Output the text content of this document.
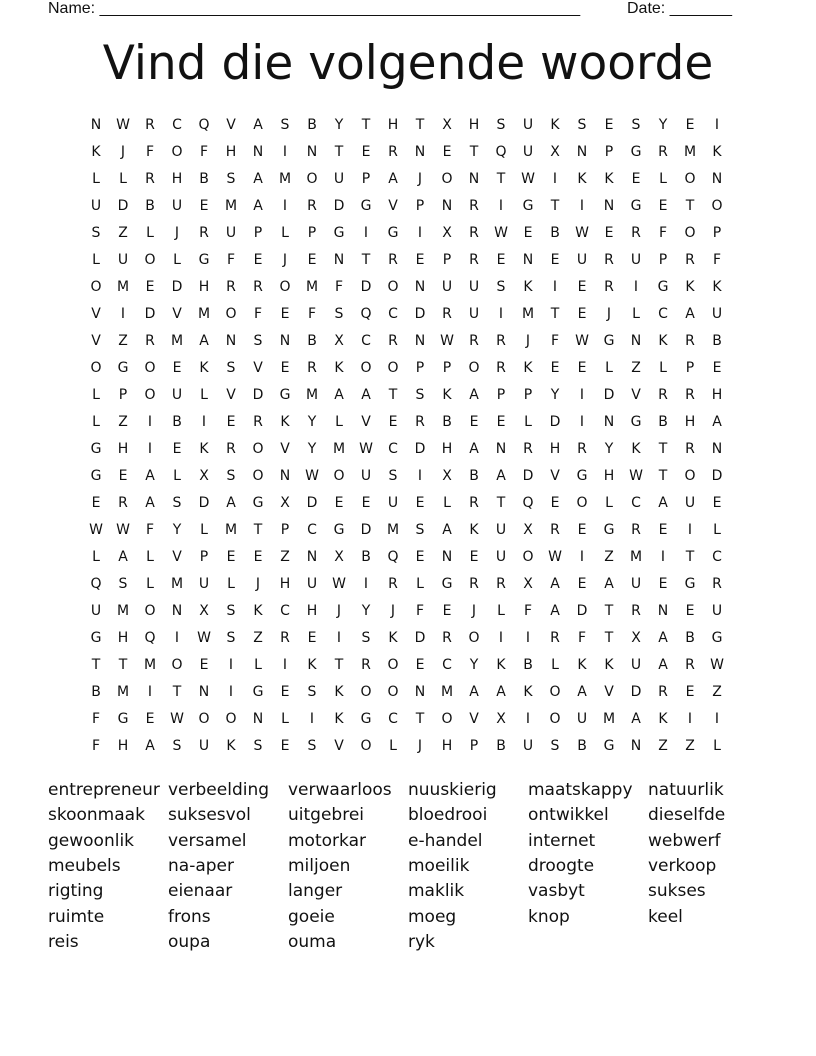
Name: ______________________________________________________	Date: _______
Vind die volgende woorde
N	W	R	C	Q	V	A	S	B	Y	T	H	T	X	H	S	U	K	S	E	S	Y	E	I
K	J	F	O	F	H	N	I	N	T	E	R	N	E	T	Q	U	X	N	P	G	R	M	K
L	L	R	H	B	S	A	M	O	U	P	A	J	O	N	T	W	I	K	K	E	L	O	N
U	D	B	U	E	M	A	I	R	D	G	V	P	N	R	I	G	T	I	N	G	E	T	O
S	Z	L	J	R	U	P	L	P	G	I	G	I	X	R	W	E	B	W	E	R	F	O	P
L	U	O	L	G	F	E	J	E	N	T	R	E	P	R	E	N	E	U	R	U	P	R	F
O	M	E	D	H	R	R	O	M	F	D	O	N	U	U	S	K	I	E	R	I	G	K	K
V	I	D	V	M	O	F	E	F	S	Q	C	D	R	U	I	M	T	E	J	L	C	A	U
V	Z	R	M	A	N	S	N	B	X	C	R	N	W	R	R	J	F	W	G	N	K	R	B
O	G	O	E	K	S	V	E	R	K	O	O	P	P	O	R	K	E	E	L	Z	L	P	E
L	P	O	U	L	V	D	G	M	A	A	T	S	K	A	P	P	Y	I	D	V	R	R	H
L	Z	I	B	I	E	R	K	Y	L	V	E	R	B	E	E	L	D	I	N	G	B	H	A
G	H	I	E	K	R	O	V	Y	M	W	C	D	H	A	N	R	H	R	Y	K	T	R	N
G	E	A	L	X	S	O	N	W	O	U	S	I	X	B	A	D	V	G	H	W	T	O	D
E	R	A	S	D	A	G	X	D	E	E	U	E	L	R	T	Q	E	O	L	C	A	U	E
W W	F	Y	L	M	T	P	C	G	D	M	S	A	K	U	X	R	E	G	R	E	I	L
L	A	L	V	P	E	E	Z	N	X	B	Q	E	N	E	U	O	W	I	Z	M	I	T	C
Q	S	L	M	U	L	J	H	U	W	I	R	L	G	R	R	X	A	E	A	U	E	G	R
U	M	O	N	X	S	K	C	H	J	Y	J	F	E	J	L	F	A	D	T	R	N	E	U
G	H	Q	I	W	S	Z	R	E	I	S	K	D	R	O	I	I	R	F	T	X	A	B	G
T	T	M	O	E	I	L	I	K	T	R	O	E	C	Y	K	B	L	K	K	U	A	R	W
B	M	I	T	N	I	G	E	S	K	O	O	N	M	A	A	K	O	A	V	D	R	E	Z
F	G	E	W	O	O	N	L	I	K	G	C	T	O	V	X	I	O	U	M	A	K	I	I
F	H	A	S	U	K	S	E	S	V	O	L	J	H	P	B	U	S	B	G	N	Z	Z	L
entrepreneur
skoonmaak
gewoonlik
meubels
rigting
ruimte
reis
verbeelding
suksesvol
versamel
na-aper
eienaar
frons
oupa
verwaarloos
uitgebrei
motorkar
miljoen
langer
goeie
ouma
nuuskierig
bloedrooi
e-handel
moeilik
maklik
moeg
ryk
maatskappy
ontwikkel
internet
droogte
vasbyt
knop
natuurlik
dieselfde
webwerf
verkoop
sukses
keel
